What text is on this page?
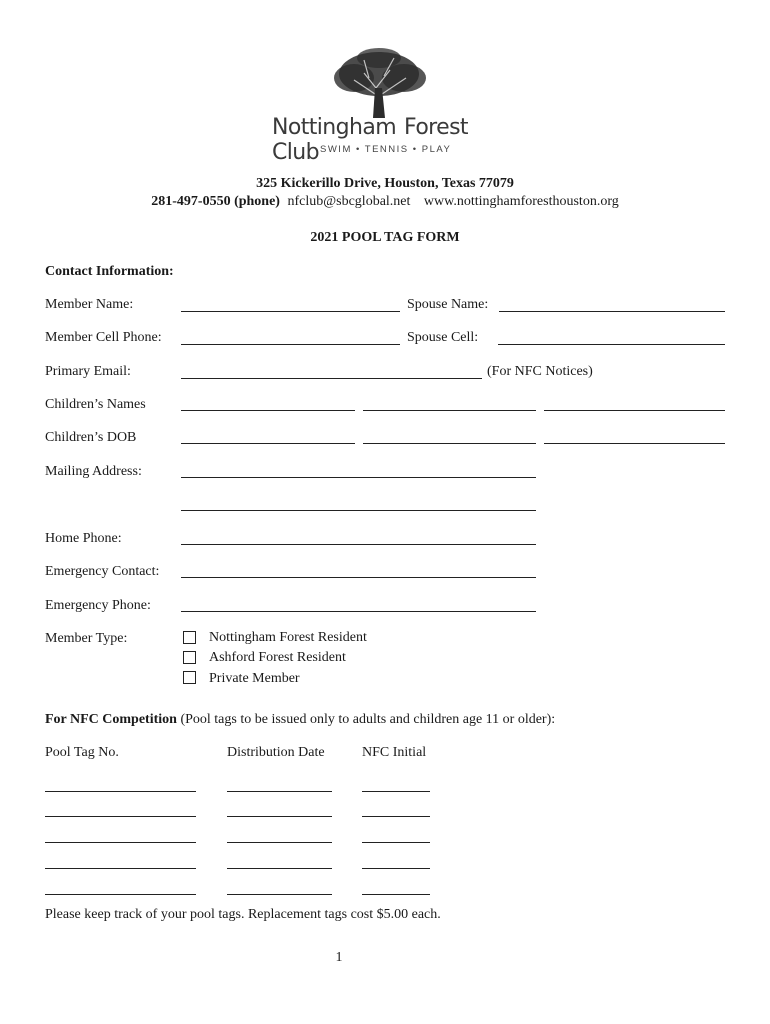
Nottingham Forest Club SWIM • TENNIS • PLAY
325 Kickerillo Drive, Houston, Texas 77079
281-497-0550 (phone) nfclub@sbcglobal.net www.nottinghamforesthouston.org
2021 POOL TAG FORM
Contact Information:
Member Name:	Spouse Name:
Member Cell Phone:	Spouse Cell:
Primary Email:	(For NFC Notices)
Children’s Names
Children’s DOB
Mailing Address:
Home Phone:
Emergency Contact:
Emergency Phone:
Member Type:	Nottingham Forest Resident
Ashford Forest Resident
Private Member
For NFC Competition (Pool tags to be issued only to adults and children age 11 or older):
Pool Tag No.	Distribution Date	NFC Initial
Please keep track of your pool tags. Replacement tags cost $5.00 each.
1
